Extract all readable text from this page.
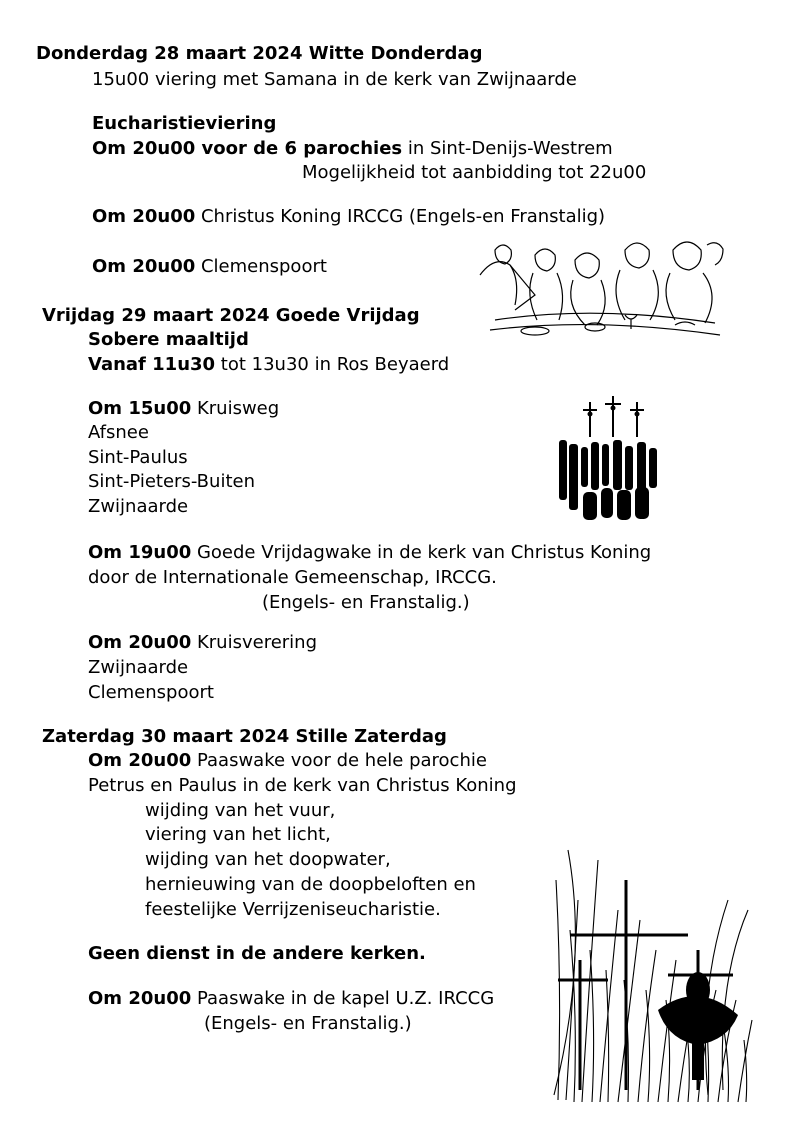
Donderdag 28 maart 2024 Witte Donderdag
15u00 viering met Samana in de kerk van Zwijnaarde
Eucharistieviering
Om 20u00 voor de 6 parochies in Sint-Denijs-Westrem
Mogelijkheid tot aanbidding tot 22u00
Om 20u00 Christus Koning IRCCG (Engels-en Franstalig)
Om 20u00 Clemenspoort
Vrijdag 29 maart 2024 Goede Vrijdag
Sobere maaltijd
Vanaf 11u30 tot 13u30 in Ros Beyaerd
Om 15u00 Kruisweg
Afsnee
Sint-Paulus
Sint-Pieters-Buiten
Zwijnaarde
Om 19u00 Goede Vrijdagwake in de kerk van Christus Koning
door de Internationale Gemeenschap, IRCCG.
(Engels- en Franstalig.)
Om 20u00 Kruisverering
Zwijnaarde
Clemenspoort
Zaterdag 30 maart 2024 Stille Zaterdag
Om 20u00 Paaswake voor de hele parochie
Petrus en Paulus in de kerk van Christus Koning
wijding van het vuur,
viering van het licht,
wijding van het doopwater,
hernieuwing van de doopbeloften en
feestelijke Verrijzeniseucharistie.
Geen dienst in de andere kerken.
Om 20u00 Paaswake in de kapel U.Z. IRCCG
(Engels- en Franstalig.)
